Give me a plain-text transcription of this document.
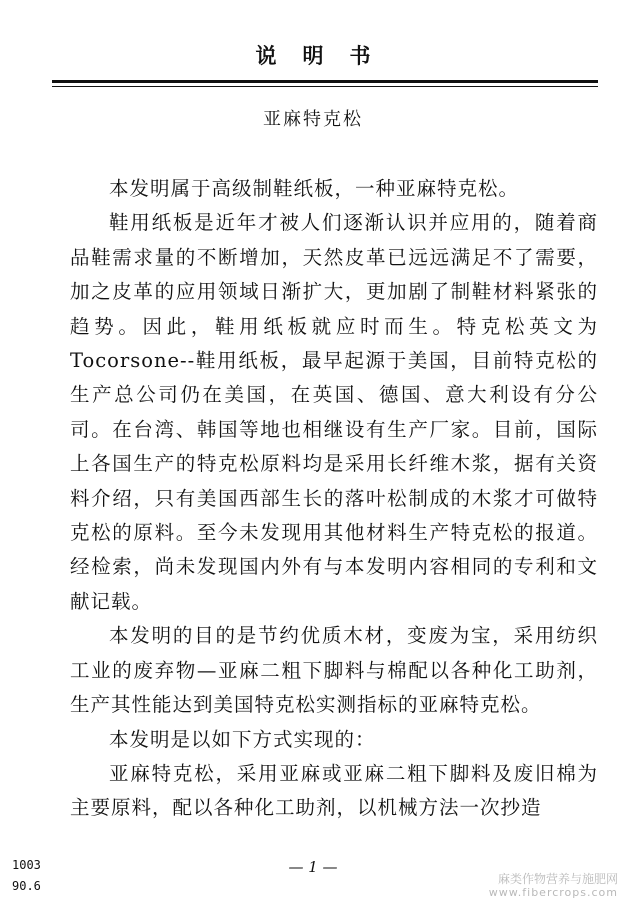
说明书
亚麻特克松

本发明属于高级制鞋纸板，一种亚麻特克松。

鞋用纸板是近年才被人们逐渐认识并应用的，随着商品鞋需求量的不断增加，天然皮革已远远满足不了需要，加之皮革的应用领域日渐扩大，更加剧了制鞋材料紧张的趋势。因此，鞋用纸板就应时而生。特克松英文为Tocorsone--鞋用纸板，最早起源于美国，目前特克松的生产总公司仍在美国，在英国、德国、意大利设有分公司。在台湾、韩国等地也相继设有生产厂家。目前，国际上各国生产的特克松原料均是采用长纤维木浆，据有关资料介绍，只有美国西部生长的落叶松制成的木浆才可做特克松的原料。至今未发现用其他材料生产特克松的报道。经检索，尚未发现国内外有与本发明内容相同的专利和文献记载。

本发明的目的是节约优质木材，变废为宝，采用纺织工业的废弃物—亚麻二粗下脚料与棉配以各种化工助剂，生产其性能达到美国特克松实测指标的亚麻特克松。

本发明是以如下方式实现的：

亚麻特克松，采用亚麻或亚麻二粗下脚料及废旧棉为主要原料，配以各种化工助剂，以机械方法一次抄造

— 1 —
1003
90.6	麻类作物营养与施肥网
www.fibercrops.com
